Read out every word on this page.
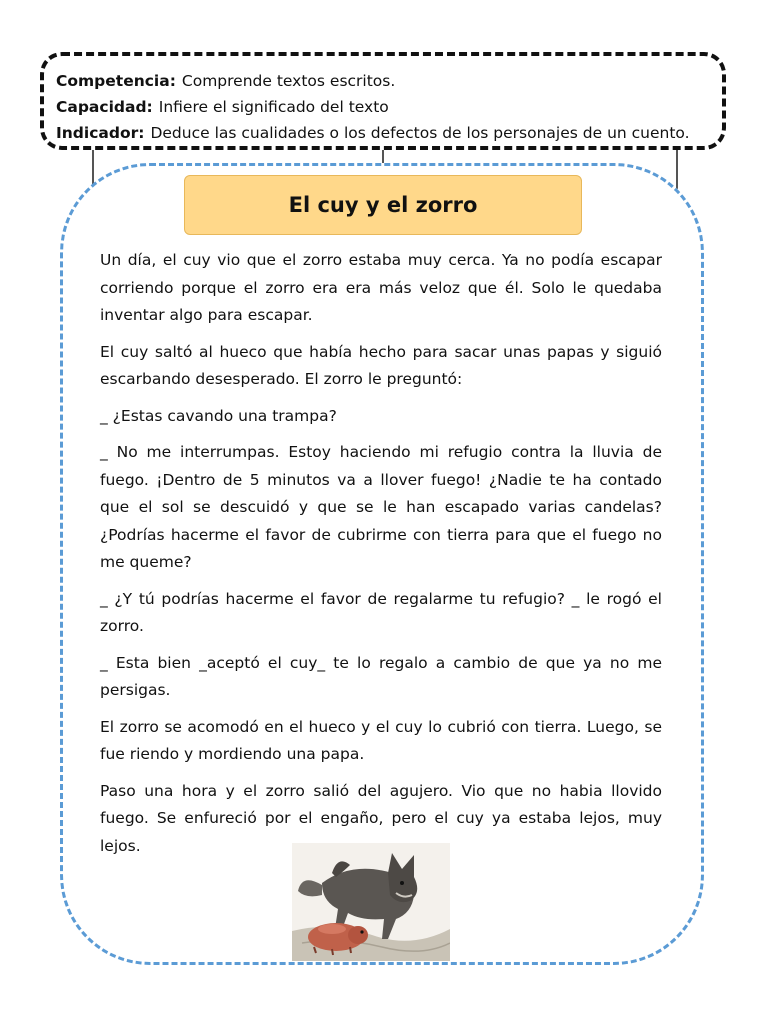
Competencia: Comprende textos escritos.
Capacidad: Infiere el significado del texto
Indicador: Deduce las cualidades o los defectos de los personajes de un cuento.
El cuy y el zorro

Un día, el cuy vio que el zorro estaba muy cerca. Ya no podía escapar corriendo porque el zorro era era más veloz que él. Solo le quedaba inventar algo para escapar.

El cuy saltó al hueco que había hecho para sacar unas papas y siguió escarbando desesperado. El zorro le preguntó:

_ ¿Estas cavando una trampa?

_ No me interrumpas. Estoy haciendo mi refugio contra la lluvia de fuego. ¡Dentro de 5 minutos va a llover fuego! ¿Nadie te ha contado que el sol se descuidó y que se le han escapado varias candelas? ¿Podrías hacerme el favor de cubrirme con tierra para que el fuego no me queme?

_ ¿Y tú podrías hacerme el favor de regalarme tu refugio? _ le rogó el zorro.

_ Esta bien _aceptó el cuy_ te lo regalo a cambio de que ya no me persigas.

El zorro se acomodó en el hueco y el cuy lo cubrió con tierra. Luego, se fue riendo y mordiendo una papa.

Paso una hora y el zorro salió del agujero. Vio que no habia llovido fuego. Se enfureció por el engaño, pero el cuy ya estaba lejos, muy lejos.
